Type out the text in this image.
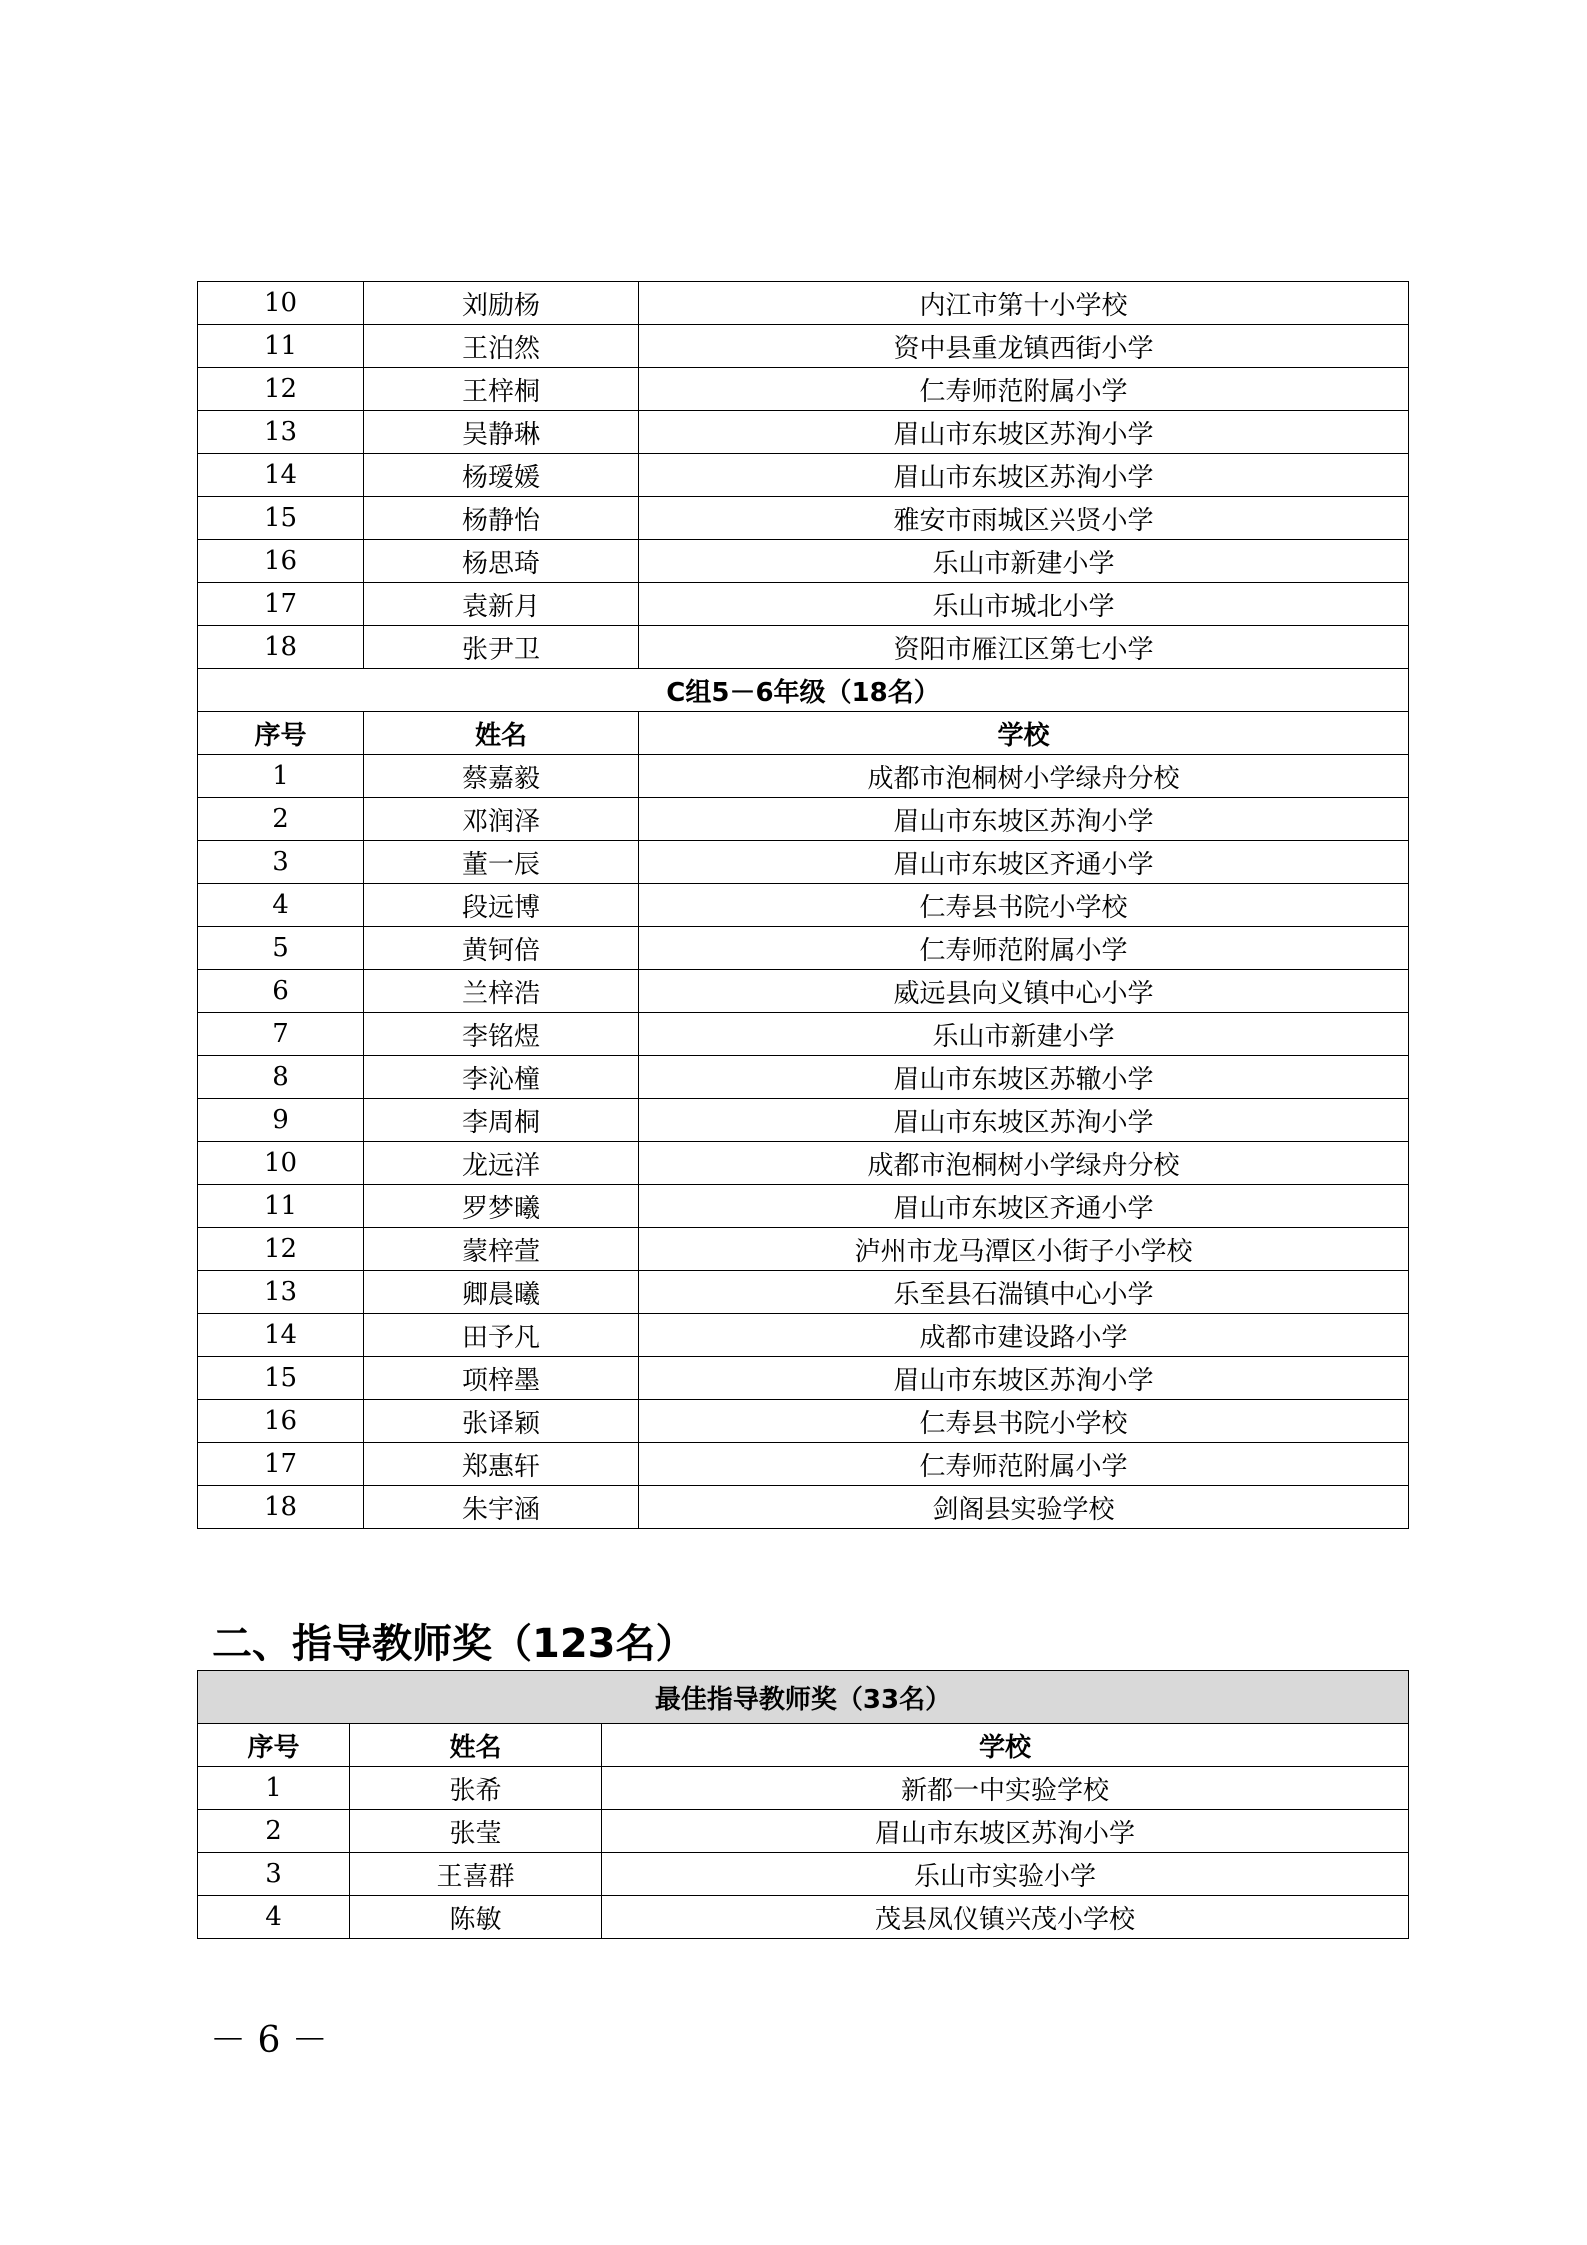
10	刘励杨	内江市第十小学校
11	王泊然	资中县重龙镇西街小学
12	王梓桐	仁寿师范附属小学
13	吴静琳	眉山市东坡区苏洵小学
14	杨瑷媛	眉山市东坡区苏洵小学
15	杨静怡	雅安市雨城区兴贤小学
16	杨思琦	乐山市新建小学
17	袁新月	乐山市城北小学
18	张尹卫	资阳市雁江区第七小学
C组5－6年级（18名）		
序号	姓名	学校
1	蔡嘉毅	成都市泡桐树小学绿舟分校
2	邓润泽	眉山市东坡区苏洵小学
3	董一辰	眉山市东坡区齐通小学
4	段远博	仁寿县书院小学校
5	黄钶倍	仁寿师范附属小学
6	兰梓浩	威远县向义镇中心小学
7	李铭煜	乐山市新建小学
8	李沁橦	眉山市东坡区苏辙小学
9	李周桐	眉山市东坡区苏洵小学
10	龙远洋	成都市泡桐树小学绿舟分校
11	罗梦曦	眉山市东坡区齐通小学
12	蒙梓萱	泸州市龙马潭区小街子小学校
13	卿晨曦	乐至县石湍镇中心小学
14	田予凡	成都市建设路小学
15	项梓墨	眉山市东坡区苏洵小学
16	张译颖	仁寿县书院小学校
17	郑惠轩	仁寿师范附属小学
18	朱宇涵	剑阁县实验学校
二、指导教师奖（123名）
最佳指导教师奖（33名）		
序号	姓名	学校
1	张希	新都一中实验学校
2	张莹	眉山市东坡区苏洵小学
3	王喜群	乐山市实验小学
4	陈敏	茂县凤仪镇兴茂小学校
－ 6 －
